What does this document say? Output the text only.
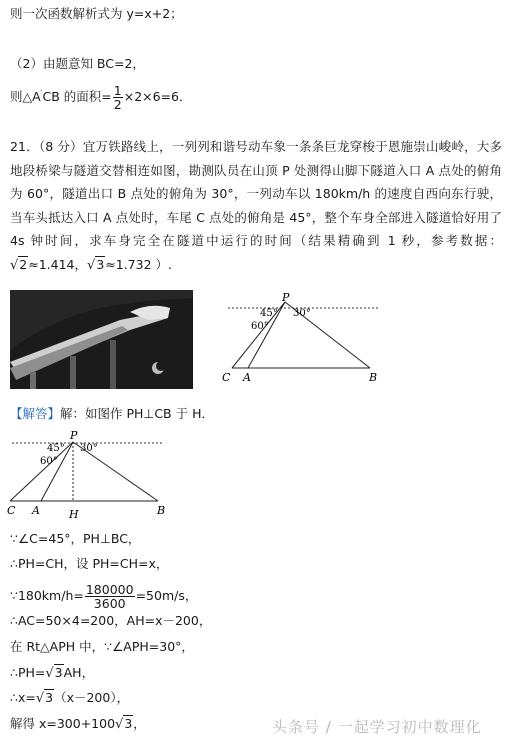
则一次函数解析式为 y=x+2；
（2）由题意知 BC=2，
则△A′CB 的面积= $\frac{1}{2} \times 2\times 6=6$．
21．（8 分）宜万铁路线上，一列列和谐号动车象一条条巨龙穿梭于恩施崇山峻岭，大多地段桥梁与隧道交替相连如图，勘测队员在山顶 P 处测得山脚下隧道入口 A 点处的俯角为 60°，隧道出口 B 点处的俯角为 30°，一列动车以 180km/h 的速度自西向东行驶，当车头抵达入口 A 点处时，车尾 C 点处的俯角是 45°，整个车身全部进入隧道恰好用了 4s 钟时间，求车身完全在隧道中运行的时间（结果精确到 1 秒，参考数据：√2≈1.414，√3≈1.732 ）.
P
45° 30°
60°
C A	B
【解答】解：如图作 PH⊥CB 于 H．
P
45° 30°
60°
C A	H	B
∵∠C=45°，PH⊥BC，
∴PH=CH，设 PH=CH=x，
∵180km/h= $\frac{180000}{3600} =50m/s$，
∴AC=50×4=200，AH=x－200，
在 Rt△APH 中，∵∠APH=30°，
∴PH=√3AH，
∴x=√3（x－200），
解得 x=300+100√3，	头条号 / 一起学习初中数理化
